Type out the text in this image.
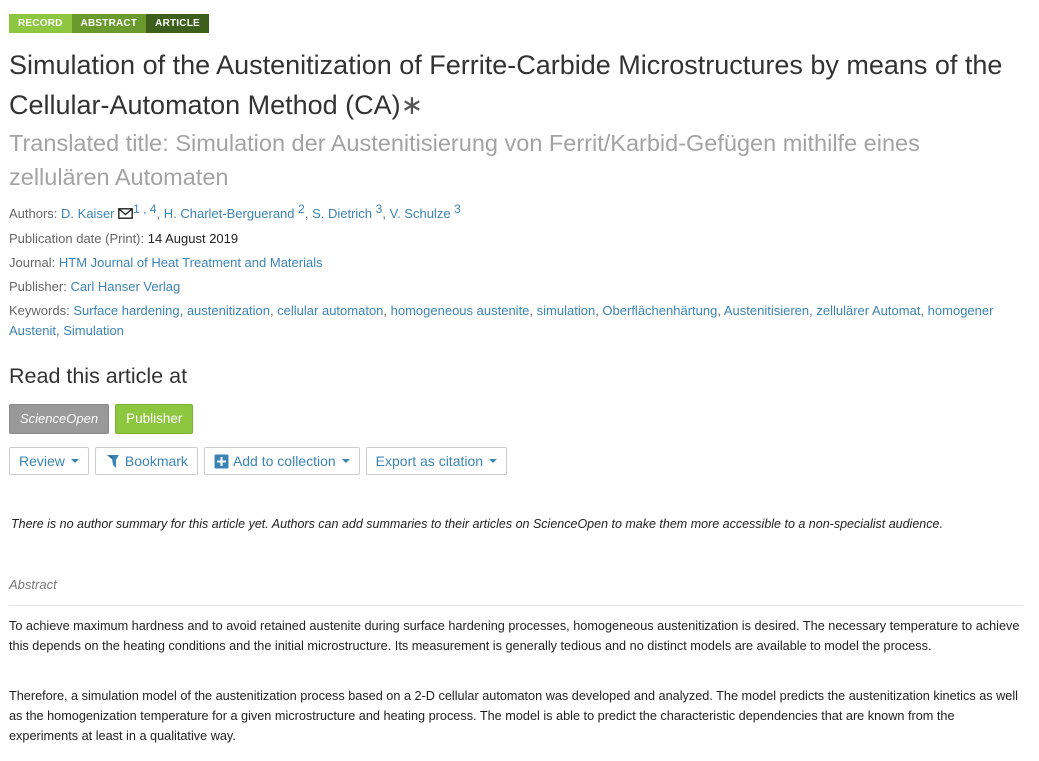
RECORD	ABSTRACT	ARTICLE
Simulation of the Austenitization of Ferrite-Carbide Microstructures by means of the Cellular-Automaton Method (CA)∗
Translated title: Simulation der Austenitisierung von Ferrit/Karbid-Gefügen mithilfe eines zellulären Automaten
Authors: D. Kaiser 1 , 4, H. Charlet-Berguerand 2, S. Dietrich 3, V. Schulze 3
Publication date (Print): 14 August 2019
Journal: HTM Journal of Heat Treatment and Materials
Publisher: Carl Hanser Verlag
Keywords: Surface hardening, austenitization, cellular automaton, homogeneous austenite, simulation, Oberflächenhärtung, Austenitisieren, zellulärer Automat, homogener Austenit, Simulation
Read this article at
ScienceOpen	Publisher
Review	Bookmark	Add to collection	Export as citation
There is no author summary for this article yet. Authors can add summaries to their articles on ScienceOpen to make them more accessible to a non-specialist audience.
Abstract

To achieve maximum hardness and to avoid retained austenite during surface hardening processes, homogeneous austenitization is desired. The necessary temperature to achieve this depends on the heating conditions and the initial microstructure. Its measurement is generally tedious and no distinct models are available to model the process.

Therefore, a simulation model of the austenitization process based on a 2-D cellular automaton was developed and analyzed. The model predicts the austenitization kinetics as well as the homogenization temperature for a given microstructure and heating process. The model is able to predict the characteristic dependencies that are known from the experiments at least in a qualitative way.
